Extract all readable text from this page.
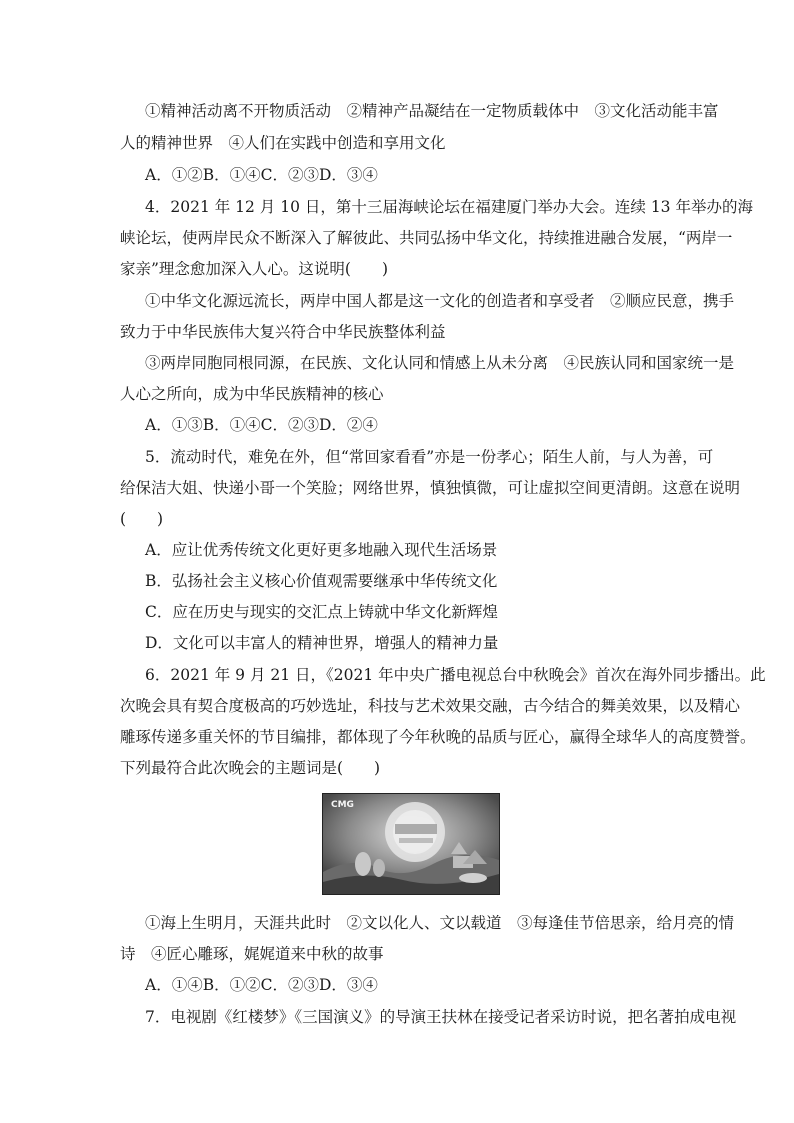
①精神活动离不开物质活动　②精神产品凝结在一定物质载体中　③文化活动能丰富
人的精神世界　④人们在实践中创造和享用文化
A．①②B．①④C．②③D．③④
4．2021 年 12 月 10 日，第十三届海峡论坛在福建厦门举办大会。连续 13 年举办的海
峡论坛，使两岸民众不断深入了解彼此、共同弘扬中华文化，持续推进融合发展，“两岸一
家亲”理念愈加深入人心。这说明(　　)
①中华文化源远流长，两岸中国人都是这一文化的创造者和享受者　②顺应民意，携手
致力于中华民族伟大复兴符合中华民族整体利益
③两岸同胞同根同源，在民族、文化认同和情感上从未分离　④民族认同和国家统一是
人心之所向，成为中华民族精神的核心
A．①③B．①④C．②③D．②④
5．流动时代，难免在外，但“常回家看看”亦是一份孝心；陌生人前，与人为善，可
给保洁大姐、快递小哥一个笑脸；网络世界，慎独慎微，可让虚拟空间更清朗。这意在说明
(　　)
A．应让优秀传统文化更好更多地融入现代生活场景
B．弘扬社会主义核心价值观需要继承中华传统文化
C．应在历史与现实的交汇点上铸就中华文化新辉煌
D．文化可以丰富人的精神世界，增强人的精神力量
6．2021 年 9 月 21 日，《2021 年中央广播电视总台中秋晚会》首次在海外同步播出。此
次晚会具有契合度极高的巧妙选址，科技与艺术效果交融，古今结合的舞美效果，以及精心
雕琢传递多重关怀的节目编排，都体现了今年秋晚的品质与匠心，赢得全球华人的高度赞誉。
下列最符合此次晚会的主题词是(　　)
CMG
①海上生明月，天涯共此时　②文以化人、文以载道　③每逢佳节倍思亲，给月亮的情
诗　④匠心雕琢，娓娓道来中秋的故事
A．①④B．①②C．②③D．③④
7．电视剧《红楼梦》《三国演义》的导演王扶林在接受记者采访时说，把名著拍成电视
